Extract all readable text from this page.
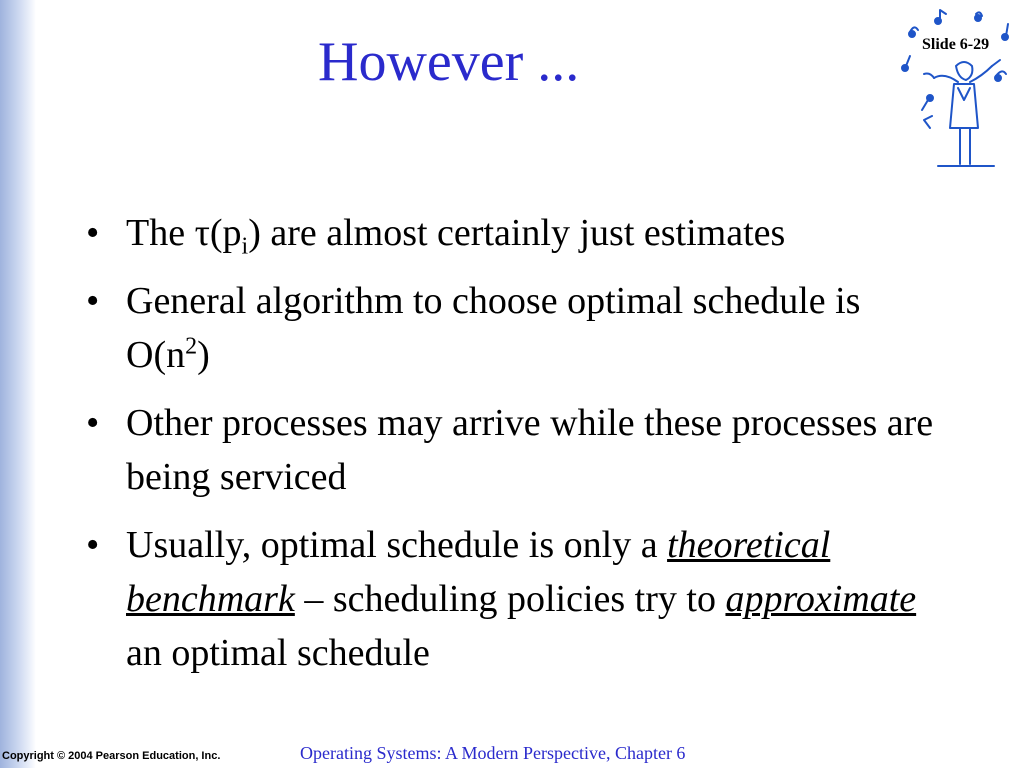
However ...	Slide 6-29
• The $\tau(p_i)$ are almost certainly just estimates
• General algorithm to choose optimal schedule is $O(n^2)$
• Other processes may arrive while these processes are being serviced
• Usually, optimal schedule is only a theoretical benchmark – scheduling policies try to approximate an optimal schedule
Copyright © 2004 Pearson Education, Inc.	Operating Systems: A Modern Perspective, Chapter 6
